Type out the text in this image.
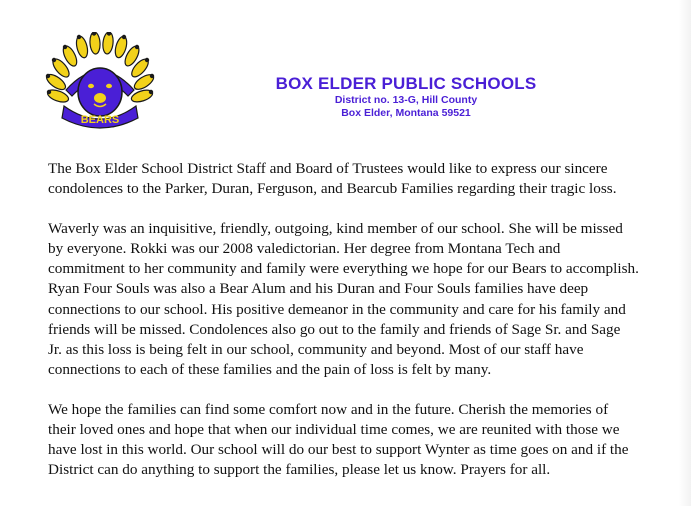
BEARS
BOX ELDER PUBLIC SCHOOLS
District no. 13-G, Hill County
Box Elder, Montana 59521

The Box Elder School District Staff and Board of Trustees would like to express our sincere
condolences to the Parker, Duran, Ferguson, and Bearcub Families regarding their tragic loss.

Waverly was an inquisitive, friendly, outgoing, kind member of our school. She will be missed
by everyone. Rokki was our 2008 valedictorian. Her degree from Montana Tech and
commitment to her community and family were everything we hope for our Bears to accomplish.
Ryan Four Souls was also a Bear Alum and his Duran and Four Souls families have deep
connections to our school. His positive demeanor in the community and care for his family and
friends will be missed. Condolences also go out to the family and friends of Sage Sr. and Sage
Jr. as this loss is being felt in our school, community and beyond. Most of our staff have
connections to each of these families and the pain of loss is felt by many.

We hope the families can find some comfort now and in the future. Cherish the memories of
their loved ones and hope that when our individual time comes, we are reunited with those we
have lost in this world. Our school will do our best to support Wynter as time goes on and if the
District can do anything to support the families, please let us know. Prayers for all.
